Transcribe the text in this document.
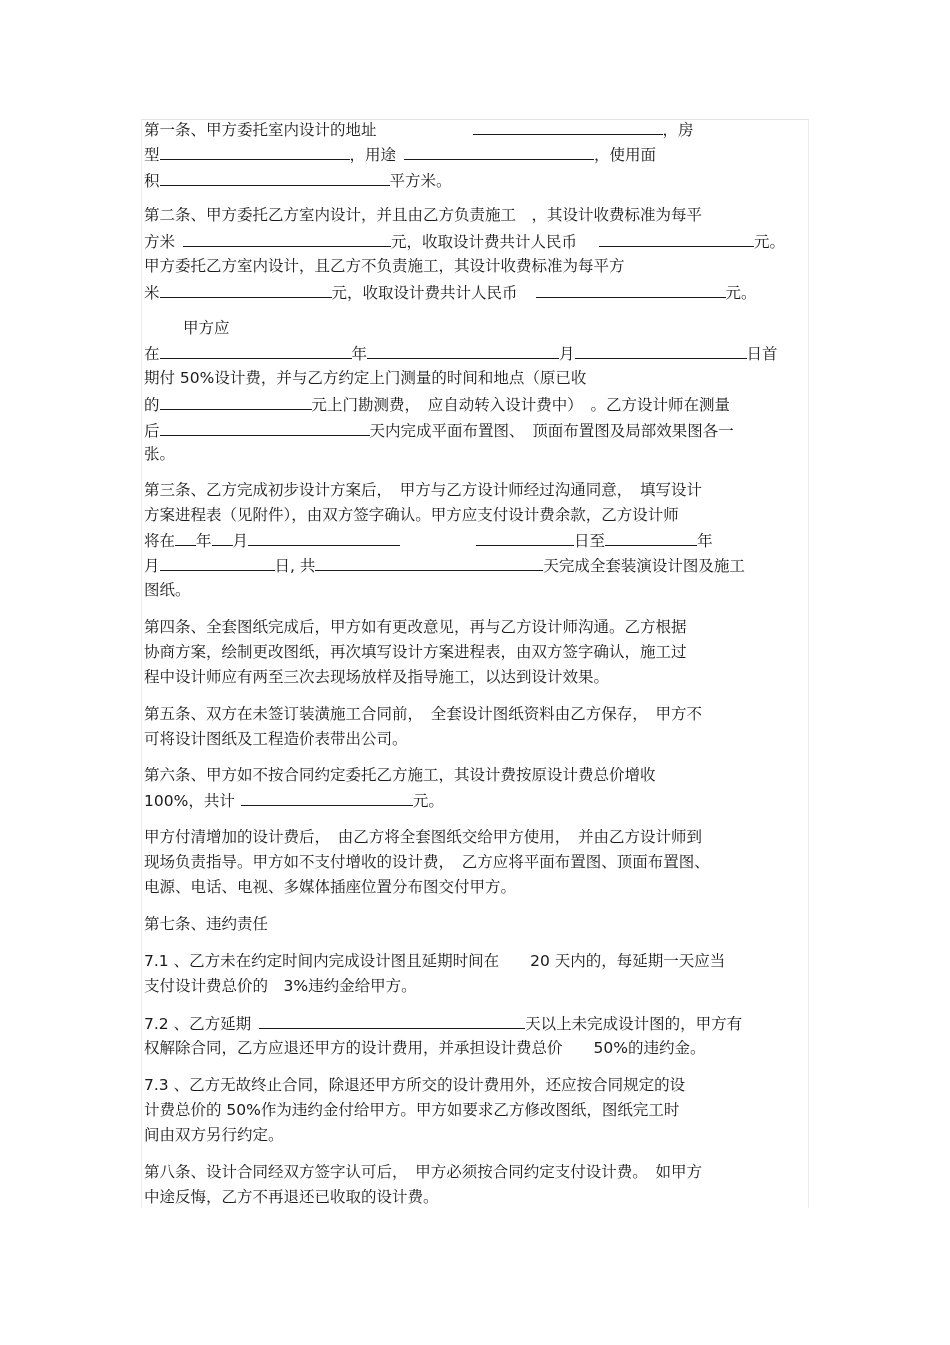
第一条、甲方委托室内设计的地址	，房
型	，用途	，使用面
积	平方米。
第二条、甲方委托乙方室内设计，并且由乙方负责施工　，其设计收费标准为每平
方米	元，收取设计费共计人民币	元。
甲方委托乙方室内设计，且乙方不负责施工，其设计收费标准为每平方
米	元，收取设计费共计人民币	元。
甲方应
在	年	月	日首
期付 50%设计费，并与乙方约定上门测量的时间和地点（原已收
的	元上门勘测费，　应自动转入设计费中）　。乙方设计师在测量
后	天内完成平面布置图、　顶面布置图及局部效果图各一
张。
第三条、乙方完成初步设计方案后，　甲方与乙方设计师经过沟通同意，　填写设计
方案进程表（见附件），由双方签字确认。甲方应支付设计费余款，乙方设计师
将在 年 月	日至	年
月	日, 共	天完成全套装演设计图及施工
图纸。
第四条、全套图纸完成后，甲方如有更改意见，再与乙方设计师沟通。乙方根据
协商方案，绘制更改图纸，再次填写设计方案进程表，由双方签字确认，施工过
程中设计师应有两至三次去现场放样及指导施工，以达到设计效果。
第五条、双方在未签订装潢施工合同前，　全套设计图纸资料由乙方保存，　甲方不
可将设计图纸及工程造价表带出公司。
第六条、甲方如不按合同约定委托乙方施工，其设计费按原设计费总价增收
100%，共计	元。
甲方付清增加的设计费后，　由乙方将全套图纸交给甲方使用，　并由乙方设计师到
现场负责指导。甲方如不支付增收的设计费，　乙方应将平面布置图、顶面布置图、
电源、电话、电视、多媒体插座位置分布图交付甲方。
第七条、违约责任
7.1 、乙方未在约定时间内完成设计图且延期时间在　　20 天内的，每延期一天应当
支付设计费总价的　3%违约金给甲方。
7.2 、乙方延期	天以上未完成设计图的，甲方有
权解除合同，乙方应退还甲方的设计费用，并承担设计费总价　　50%的违约金。
7.3 、乙方无故终止合同，除退还甲方所交的设计费用外，还应按合同规定的设
计费总价的 50%作为违约金付给甲方。甲方如要求乙方修改图纸，图纸完工时
间由双方另行约定。
第八条、设计合同经双方签字认可后，　甲方必须按合同约定支付设计费。　如甲方
中途反悔，乙方不再退还已收取的设计费。
